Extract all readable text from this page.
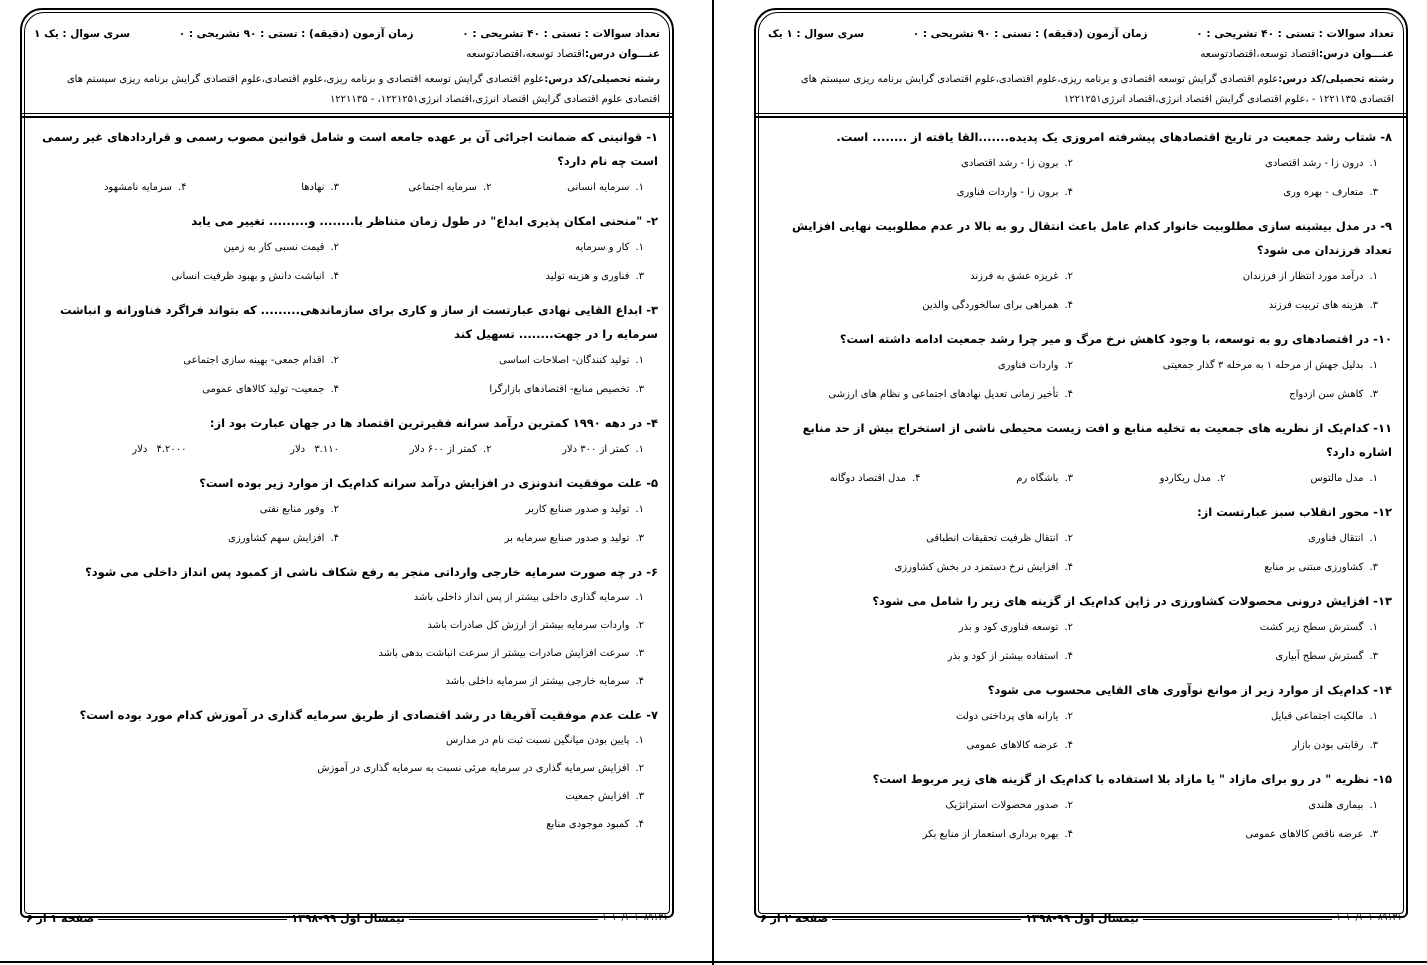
تعداد سوالات : تستی : ۴۰ تشریحی : ۰
زمان آزمون (دقیقه) : تستی : ۹۰ تشریحی : ۰
سری سوال : ۱ یک
عنـــوان درس:اقتصاد توسعه،اقتصادتوسعه
رشته تحصیلی/کد درس:علوم اقتصادی گرایش توسعه اقتصادی و برنامه ریزی،علوم اقتصادی،علوم اقتصادی گرایش برنامه ریزی سیستم های اقتصادی ۱۲۲۱۱۳۵ - ،علوم اقتصادی گرایش اقتصاد انرژی،اقتصاد انرژی۱۲۲۱۲۵۱
۸-شتاب رشد جمعیت در تاریخ اقتصادهای پیشرفته امروزی یک پدیده.......القا یافته از ........ است.
۱.درون زا - رشد اقتصادی
۲.برون زا - رشد اقتصادی
۳.متعارف - بهره وری
۴.برون زا - واردات فناوری
۹-در مدل بیشینه سازی مطلوبیت خانوار کدام عامل باعث انتقال رو به بالا در عدم مطلوبیت نهایی افزایش تعداد فرزندان می شود؟
۱.درآمد مورد انتظار از فرزندان
۲.غریزه عشق به فرزند
۳.هزینه های تربیت فرزند
۴.همراهی برای سالخوردگی والدین
۱۰-در اقتصادهای رو به توسعه، با وجود کاهش نرخ مرگ و میر چرا رشد جمعیت ادامه داشته است؟
۱.بدلیل جهش از مرحله ۱ به مرحله ۳ گذار جمعیتی
۲.واردات فناوری
۳.کاهش سن ازدواج
۴.تأخیر زمانی تعدیل نهادهای اجتماعی و نظام های ارزشی
۱۱-کدام‌یک از نظریه های جمعیت به تخلیه منابع و افت زیست محیطی ناشی از استخراج بیش از حد منابع اشاره دارد؟
۱.مدل مالتوس
۲.مدل ریکاردو
۳.باشگاه رم
۴.مدل اقتصاد دوگانه
۱۲-محور انقلاب سبز عبارتست از:
۱.انتقال فناوری
۲.انتقال ظرفیت تحقیقات انطباقی
۳.کشاورزی مبتنی بر منابع
۴.افزایش نرخ دستمزد در بخش کشاورزی
۱۳-افزایش درونی محصولات کشاورزی در ژاپن کدام‌یک از گزینه های زیر را شامل می شود؟
۱.گسترش سطح زیر کشت
۲.توسعه فناوری کود و بذر
۳.گسترش سطح آبیاری
۴.استفاده بیشتر از کود و بذر
۱۴-کدام‌یک از موارد زیر از موانع نوآوری های القایی محسوب می شود؟
۱.مالکیت اجتماعی قبایل
۲.یارانه های پرداختی دولت
۳.رقابتی بودن بازار
۴.عرضه کالاهای عمومی
۱۵-نظریه " در رو برای مازاد " یا مازاد بلا استفاده با کدام‌یک از گزینه های زیر مربوط است؟
۱.بیماری هلندی
۲.صدور محصولات استراتژیک
۳.عرضه ناقص کالاهای عمومی
۴.بهره برداری استعمار از منابع بکر
۱۰۱۰/۱۰۱۰۸۹۱۳۱
نیمسال اول ۹۹-۱۳۹۸
صفحه ۲ از ۶
تعداد سوالات : تستی : ۴۰ تشریحی : ۰
زمان آزمون (دقیقه) : تستی : ۹۰ تشریحی : ۰
سری سوال : یک ۱
عنـــوان درس:اقتصاد توسعه،اقتصادتوسعه
رشته تحصیلی/کد درس:علوم اقتصادی گرایش توسعه اقتصادی و برنامه ریزی،علوم اقتصادی،علوم اقتصادی گرایش برنامه ریزی سیستم های اقتصادی علوم اقتصادی گرایش اقتصاد انرژی،اقتصاد انرژی۱۲۲۱۲۵۱، - ۱۲۲۱۱۳۵
۱-قوانینی که ضمانت اجرائی آن بر عهده جامعه است و شامل قوانین مصوب رسمی و قراردادهای غیر رسمی است چه نام دارد؟
۱.سرمایه انسانی
۲.سرمایه اجتماعی
۳.نهادها
۴.سرمایه نامشهود
۲-"منحنی امکان پذیری ابداع" در طول زمان متناظر با........ و......... تغییر می یابد
۱.کار و سرمایه
۲.قیمت نسبی کار به زمین
۳.فناوری و هزینه تولید
۴.انباشت دانش و بهبود ظرفیت انسانی
۳-ابداع القایی نهادی عبارتست از ساز و کاری برای سازماندهی......... که بتواند فراگرد فناورانه و انباشت سرمایه را در جهت........ تسهیل کند
۱.تولید کنندگان- اصلاحات اساسی
۲.اقدام جمعی- بهینه سازی اجتماعی
۳.تخصیص منابع- اقتصادهای بازارگرا
۴.جمعیت- تولید کالاهای عمومی
۴-در دهه ۱۹۹۰ کمترین درآمد سرانه فقیرترین اقتصاد ها در جهان عبارت بود از:
۱.کمتر از ۳۰۰ دلار
۲.کمتر از ۶۰۰ دلار
۳.۱۱۰ دلار
۴.۲۰۰۰ دلار
۵-علت موفقیت اندونزی در افزایش درآمد سرانه کدام‌یک از موارد زیر بوده است؟
۱.تولید و صدور صنایع کاربر
۲.وفور منابع نفتی
۳.تولید و صدور صنایع سرمایه بر
۴.افزایش سهم کشاورزی
۶-در چه صورت سرمایه خارجی وارداتی منجر به رفع شکاف ناشی از کمبود پس انداز داخلی می شود؟
۱.سرمایه گذاری داخلی بیشتر از پس انداز داخلی باشد
۲.واردات سرمایه بیشتر از ارزش کل صادرات باشد
۳.سرعت افزایش صادرات بیشتر از سرعت انباشت بدهی باشد
۴.سرمایه خارجی بیشتر از سرمایه داخلی باشد
۷-علت عدم موفقیت آفریقا در رشد اقتصادی از طریق سرمایه گذاری در آموزش کدام مورد بوده است؟
۱.پایین بودن میانگین نسبت ثبت نام در مدارس
۲.افزایش سرمایه گذاری در سرمایه مرئی نسبت به سرمایه گذاری در آموزش
۳.افزایش جمعیت
۴.کمبود موجودی منابع
۱۰۱۰/۱۰۱۰۸۹۱۳۱
نیمسال اول ۹۹-۱۳۹۸
صفحه ۱ از ۶
